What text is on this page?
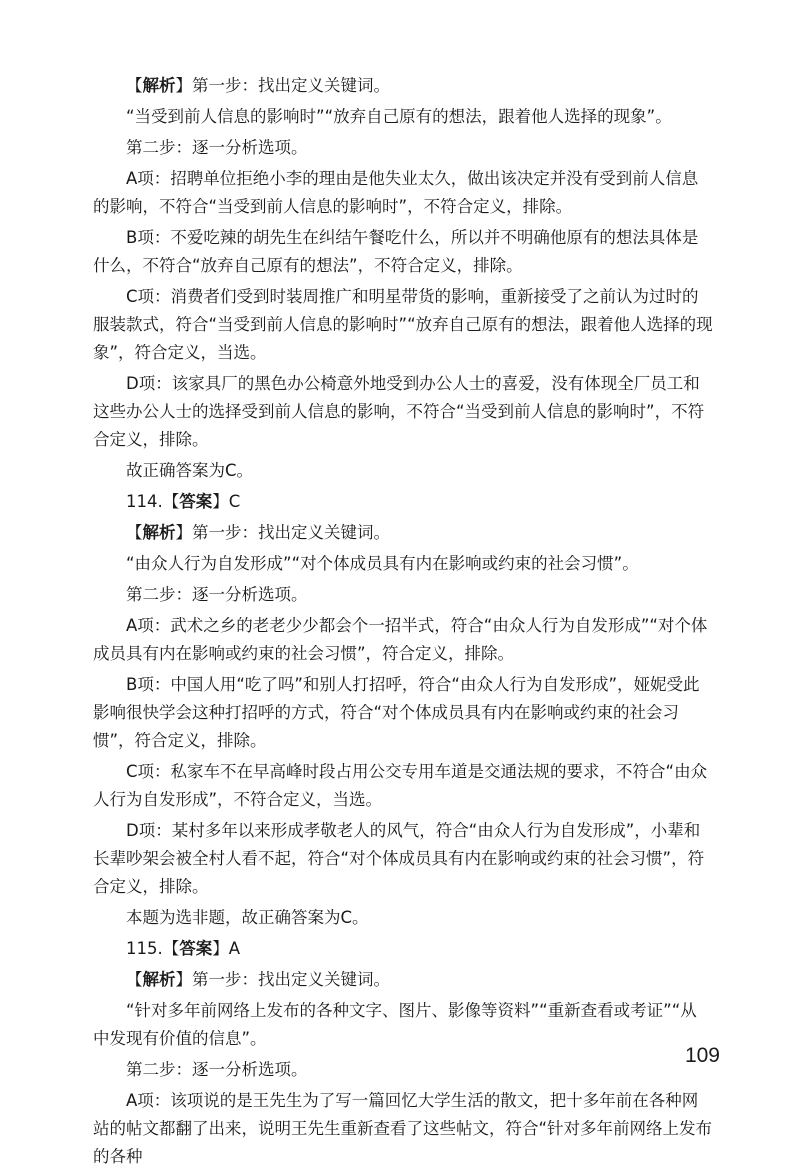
【解析】第一步：找出定义关键词。

“当受到前人信息的影响时”“放弃自己原有的想法，跟着他人选择的现象”。

第二步：逐一分析选项。

A项：招聘单位拒绝小李的理由是他失业太久，做出该决定并没有受到前人信息的影响，不符合“当受到前人信息的影响时”，不符合定义，排除。

B项：不爱吃辣的胡先生在纠结午餐吃什么，所以并不明确他原有的想法具体是什么，不符合“放弃自己原有的想法”，不符合定义，排除。

C项：消费者们受到时装周推广和明星带货的影响，重新接受了之前认为过时的服装款式，符合“当受到前人信息的影响时”“放弃自己原有的想法，跟着他人选择的现象”，符合定义，当选。

D项：该家具厂的黑色办公椅意外地受到办公人士的喜爱，没有体现全厂员工和这些办公人士的选择受到前人信息的影响，不符合“当受到前人信息的影响时”，不符合定义，排除。

故正确答案为C。

114.【答案】C

【解析】第一步：找出定义关键词。

“由众人行为自发形成”“对个体成员具有内在影响或约束的社会习惯”。

第二步：逐一分析选项。

A项：武术之乡的老老少少都会个一招半式，符合“由众人行为自发形成”“对个体成员具有内在影响或约束的社会习惯”，符合定义，排除。

B项：中国人用“吃了吗”和别人打招呼，符合“由众人行为自发形成”，娅妮受此影响很快学会这种打招呼的方式，符合“对个体成员具有内在影响或约束的社会习惯”，符合定义，排除。

C项：私家车不在早高峰时段占用公交专用车道是交通法规的要求，不符合“由众人行为自发形成”，不符合定义，当选。

D项：某村多年以来形成孝敬老人的风气，符合“由众人行为自发形成”，小辈和长辈吵架会被全村人看不起，符合“对个体成员具有内在影响或约束的社会习惯”，符合定义，排除。

本题为选非题，故正确答案为C。

115.【答案】A

【解析】第一步：找出定义关键词。

“针对多年前网络上发布的各种文字、图片、影像等资料”“重新查看或考证”“从中发现有价值的信息”。

第二步：逐一分析选项。

A项：该项说的是王先生为了写一篇回忆大学生活的散文，把十多年前在各种网站的帖文都翻了出来，说明王先生重新查看了这些帖文，符合“针对多年前网络上发布的各种

109
